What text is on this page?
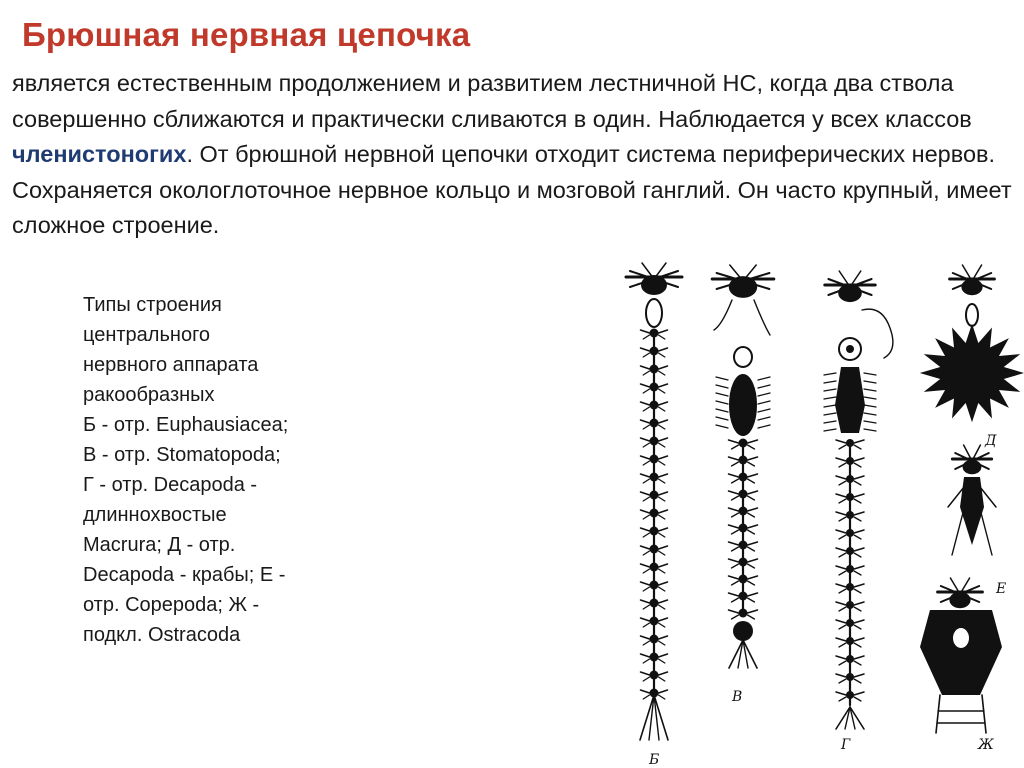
Брюшная нервная цепочка

является естественным продолжением и развитием лестничной НС, когда два ствола совершенно сближаются и практически сливаются в один. Наблюдается у всех классов членистоногих. От брюшной нервной цепочки отходит система периферических нервов. Сохраняется окологлоточное нервное кольцо и мозговой ганглий. Он часто крупный, имеет сложное строение.

Типы строения
центрального
нервного аппарата
ракообразных
Б - отр. Euphausiacea;
В - отр. Stomatopoda;
Г - отр. Decapoda -
длиннохвостые
Macrura; Д - отр.
Decapoda - крабы; Е -
отр. Copepoda; Ж -
подкл. Ostracoda

Б
В
Г
Д
Е
Ж
